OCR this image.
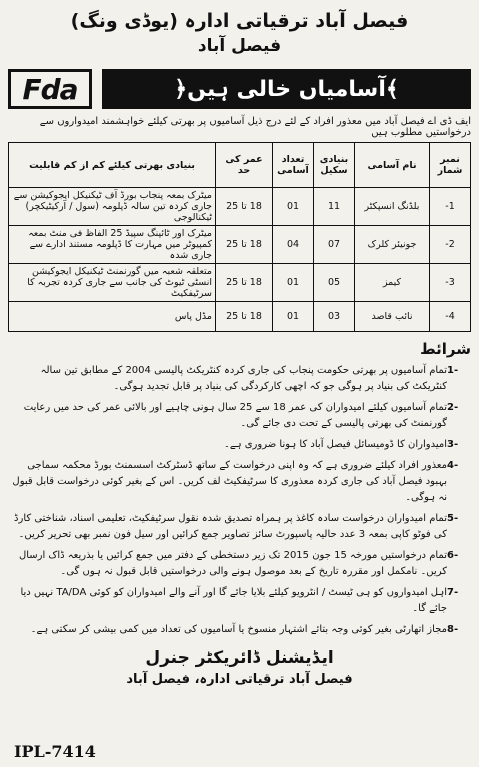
فیصل آباد ترقیاتی ادارہ (یوڈی ونگ)
فیصل آباد
Fda	﴾آسامیاں خالی ہیں﴿
ایف ڈی اے فیصل آباد میں معذور افراد کے لئے درج ذیل آسامیوں پر بھرتی کیلئے خواہشمند امیدواروں سے درخواستیں مطلوب ہیں
نمبر شمار	نام آسامی	بنیادی سکیل	تعداد آسامی	عمر کی حد	بنیادی بھرتی کیلئے کم از کم قابلیت
1-	بلڈنگ انسپکٹر	11	01	18 تا 25	میٹرک بمعہ پنجاب بورڈ آف ٹیکنیکل ایجوکیشن سے جاری کردہ تین سالہ ڈپلومہ (سول / آرکیٹیکچر) ٹیکنالوجی
2-	جونیئر کلرک	07	04	18 تا 25	میٹرک اور ٹائپنگ سپیڈ 25 الفاظ فی منٹ بمعہ کمپیوٹر میں مہارت کا ڈپلومہ مستند ادارے سے جاری شدہ
3-	کیمز	05	01	18 تا 25	متعلقہ شعبہ میں گورنمنٹ ٹیکنیکل ایجوکیشن انسٹی ٹیوٹ کی جانب سے جاری کردہ تجربہ کا سرٹیفکیٹ
4-	نائب قاصد	03	01	18 تا 25	مڈل پاس
شرائط
1-
تمام آسامیوں پر بھرتی حکومت پنجاب کی جاری کردہ کنٹریکٹ پالیسی 2004 کے مطابق تین سالہ کنٹریکٹ کی بنیاد پر ہوگی جو کہ اچھی کارکردگی کی بنیاد پر قابل تجدید ہوگی۔
2-
تمام آسامیوں کیلئے امیدواران کی عمر 18 سے 25 سال ہونی چاہیے اور بالائی عمر کی حد میں رعایت گورنمنٹ کی بھرتی پالیسی کے تحت دی جائے گی۔
3-
امیدواران کا ڈومیسائل فیصل آباد کا ہونا ضروری ہے۔
4-
معذور افراد کیلئے ضروری ہے کہ وہ اپنی درخواست کے ساتھ ڈسٹرکٹ اسسمنٹ بورڈ محکمہ سماجی بہبود فیصل آباد کی جاری کردہ معذوری کا سرٹیفکیٹ لف کریں۔ اس کے بغیر کوئی درخواست قابل قبول نہ ہوگی۔
5-
تمام امیدواران درخواست سادہ کاغذ پر ہمراہ تصدیق شدہ نقول سرٹیفکیٹ، تعلیمی اسناد، شناختی کارڈ کی فوٹو کاپی بمعہ 3 عدد حالیہ پاسپورٹ سائز تصاویر جمع کرائیں اور سیل فون نمبر بھی تحریر کریں۔
6-
تمام درخواستیں مورخہ 15 جون 2015 تک زیر دستخطی کے دفتر میں جمع کرائیں یا بذریعہ ڈاک ارسال کریں۔ نامکمل اور مقررہ تاریخ کے بعد موصول ہونے والی درخواستیں قابل قبول نہ ہوں گی۔
7-
اہل امیدواروں کو ہی ٹیسٹ / انٹرویو کیلئے بلایا جائے گا اور آنے والے امیدواران کو کوئی TA/DA نہیں دیا جائے گا۔
8-
مجاز اتھارٹی بغیر کوئی وجہ بتائے اشتہار منسوخ یا آسامیوں کی تعداد میں کمی بیشی کر سکتی ہے۔
ایڈیشنل ڈائریکٹر جنرل
فیصل آباد ترقیاتی ادارہ، فیصل آباد
IPL-7414
